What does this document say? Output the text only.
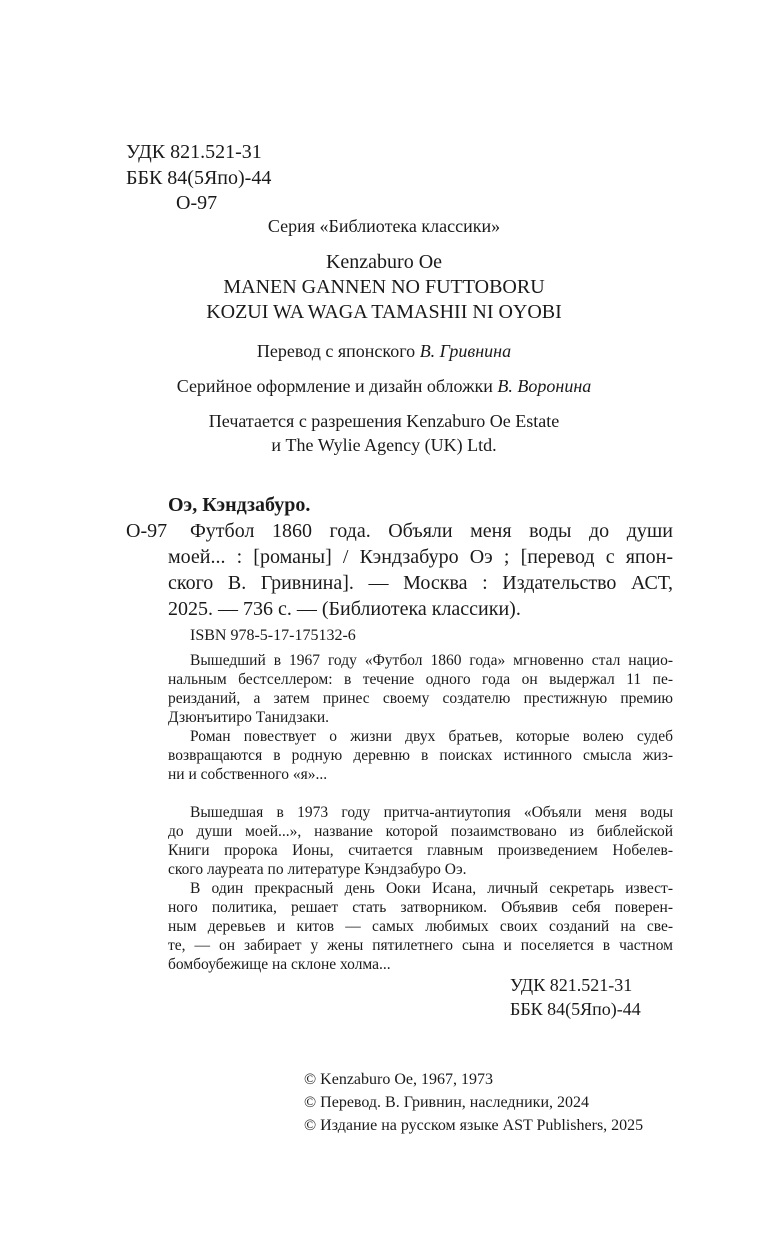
УДК 821.521-31
ББК 84(5Япо)-44
О-97
Серия «Библиотека классики»
Kenzaburo Oe
MANEN GANNEN NO FUTTOBORU
KOZUI WA WAGA TAMASHII NI OYOBI
Перевод с японского В. Гривнина
Серийное оформление и дизайн обложки В. Воронина
Печатается с разрешения Kenzaburo Oe Estate
и The Wylie Agency (UK) Ltd.
Оэ, Кэндзабуро.
О-97 Футбол 1860 года. Объяли меня воды до души
моей... : [романы] / Кэндзабуро Оэ ; [перевод с япон-
ского В. Гривнина]. — Москва : Издательство АСТ,
2025. — 736 с. — (Библиотека классики).
ISBN 978-5-17-175132-6
Вышедший в 1967 году «Футбол 1860 года» мгновенно стал нацио-
нальным бестселлером: в течение одного года он выдержал 11 пе-
реизданий, а затем принес своему создателю престижную премию
Дзюнъитиро Танидзаки.
Роман повествует о жизни двух братьев, которые волею судеб
возвращаются в родную деревню в поисках истинного смысла жиз-
ни и собственного «я»...
Вышедшая в 1973 году притча-антиутопия «Объяли меня воды
до души моей...», название которой позаимствовано из библейской
Книги пророка Ионы, считается главным произведением Нобелев-
ского лауреата по литературе Кэндзабуро Оэ.
В один прекрасный день Ооки Исана, личный секретарь извест-
ного политика, решает стать затворником. Объявив себя поверен-
ным деревьев и китов — самых любимых своих созданий на све-
те, — он забирает у жены пятилетнего сына и поселяется в частном
бомбоубежище на склоне холма...
УДК 821.521-31
ББК 84(5Япо)-44
© Kenzaburo Oe, 1967, 1973
© Перевод. В. Гривнин, наследники, 2024
© Издание на русском языке AST Publishers, 2025
